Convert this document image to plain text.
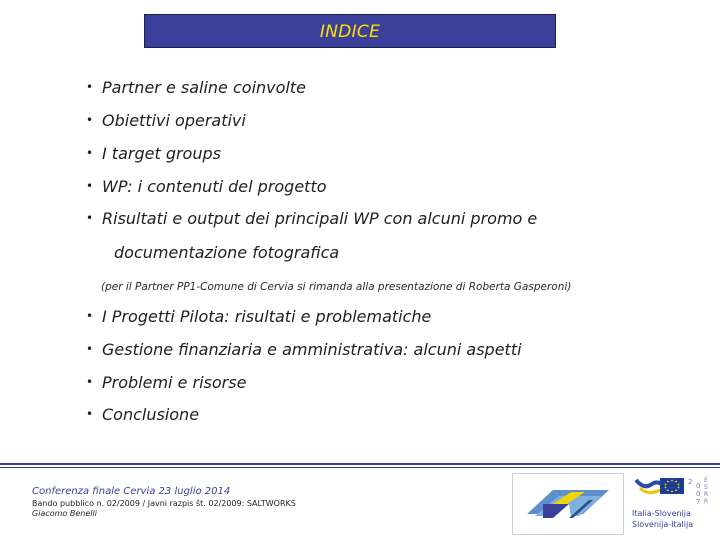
INDICE
• Partner e saline coinvolte
• Obiettivi operativi
• I target groups
• WP: i contenuti del progetto
• Risultati e output dei principali WP con alcuni promo e
documentazione fotografica
• I Progetti Pilota: risultati e problematiche
• Gestione finanziaria e amministrativa: alcuni aspetti
• Problemi e risorse
• Conclusione
(per il Partner PP1-Comune di Cervia si rimanda alla presentazione di Roberta Gasperoni)
Conferenza finale Cervia 23 luglio 2014
Bando pubblico n. 02/2009 / Javni razpis št. 02/2009: SALTWORKS
Giacomo Benelli
2 0
0
7
E
S
R
R
Italia-Slovenija
Slovenija-Italija
